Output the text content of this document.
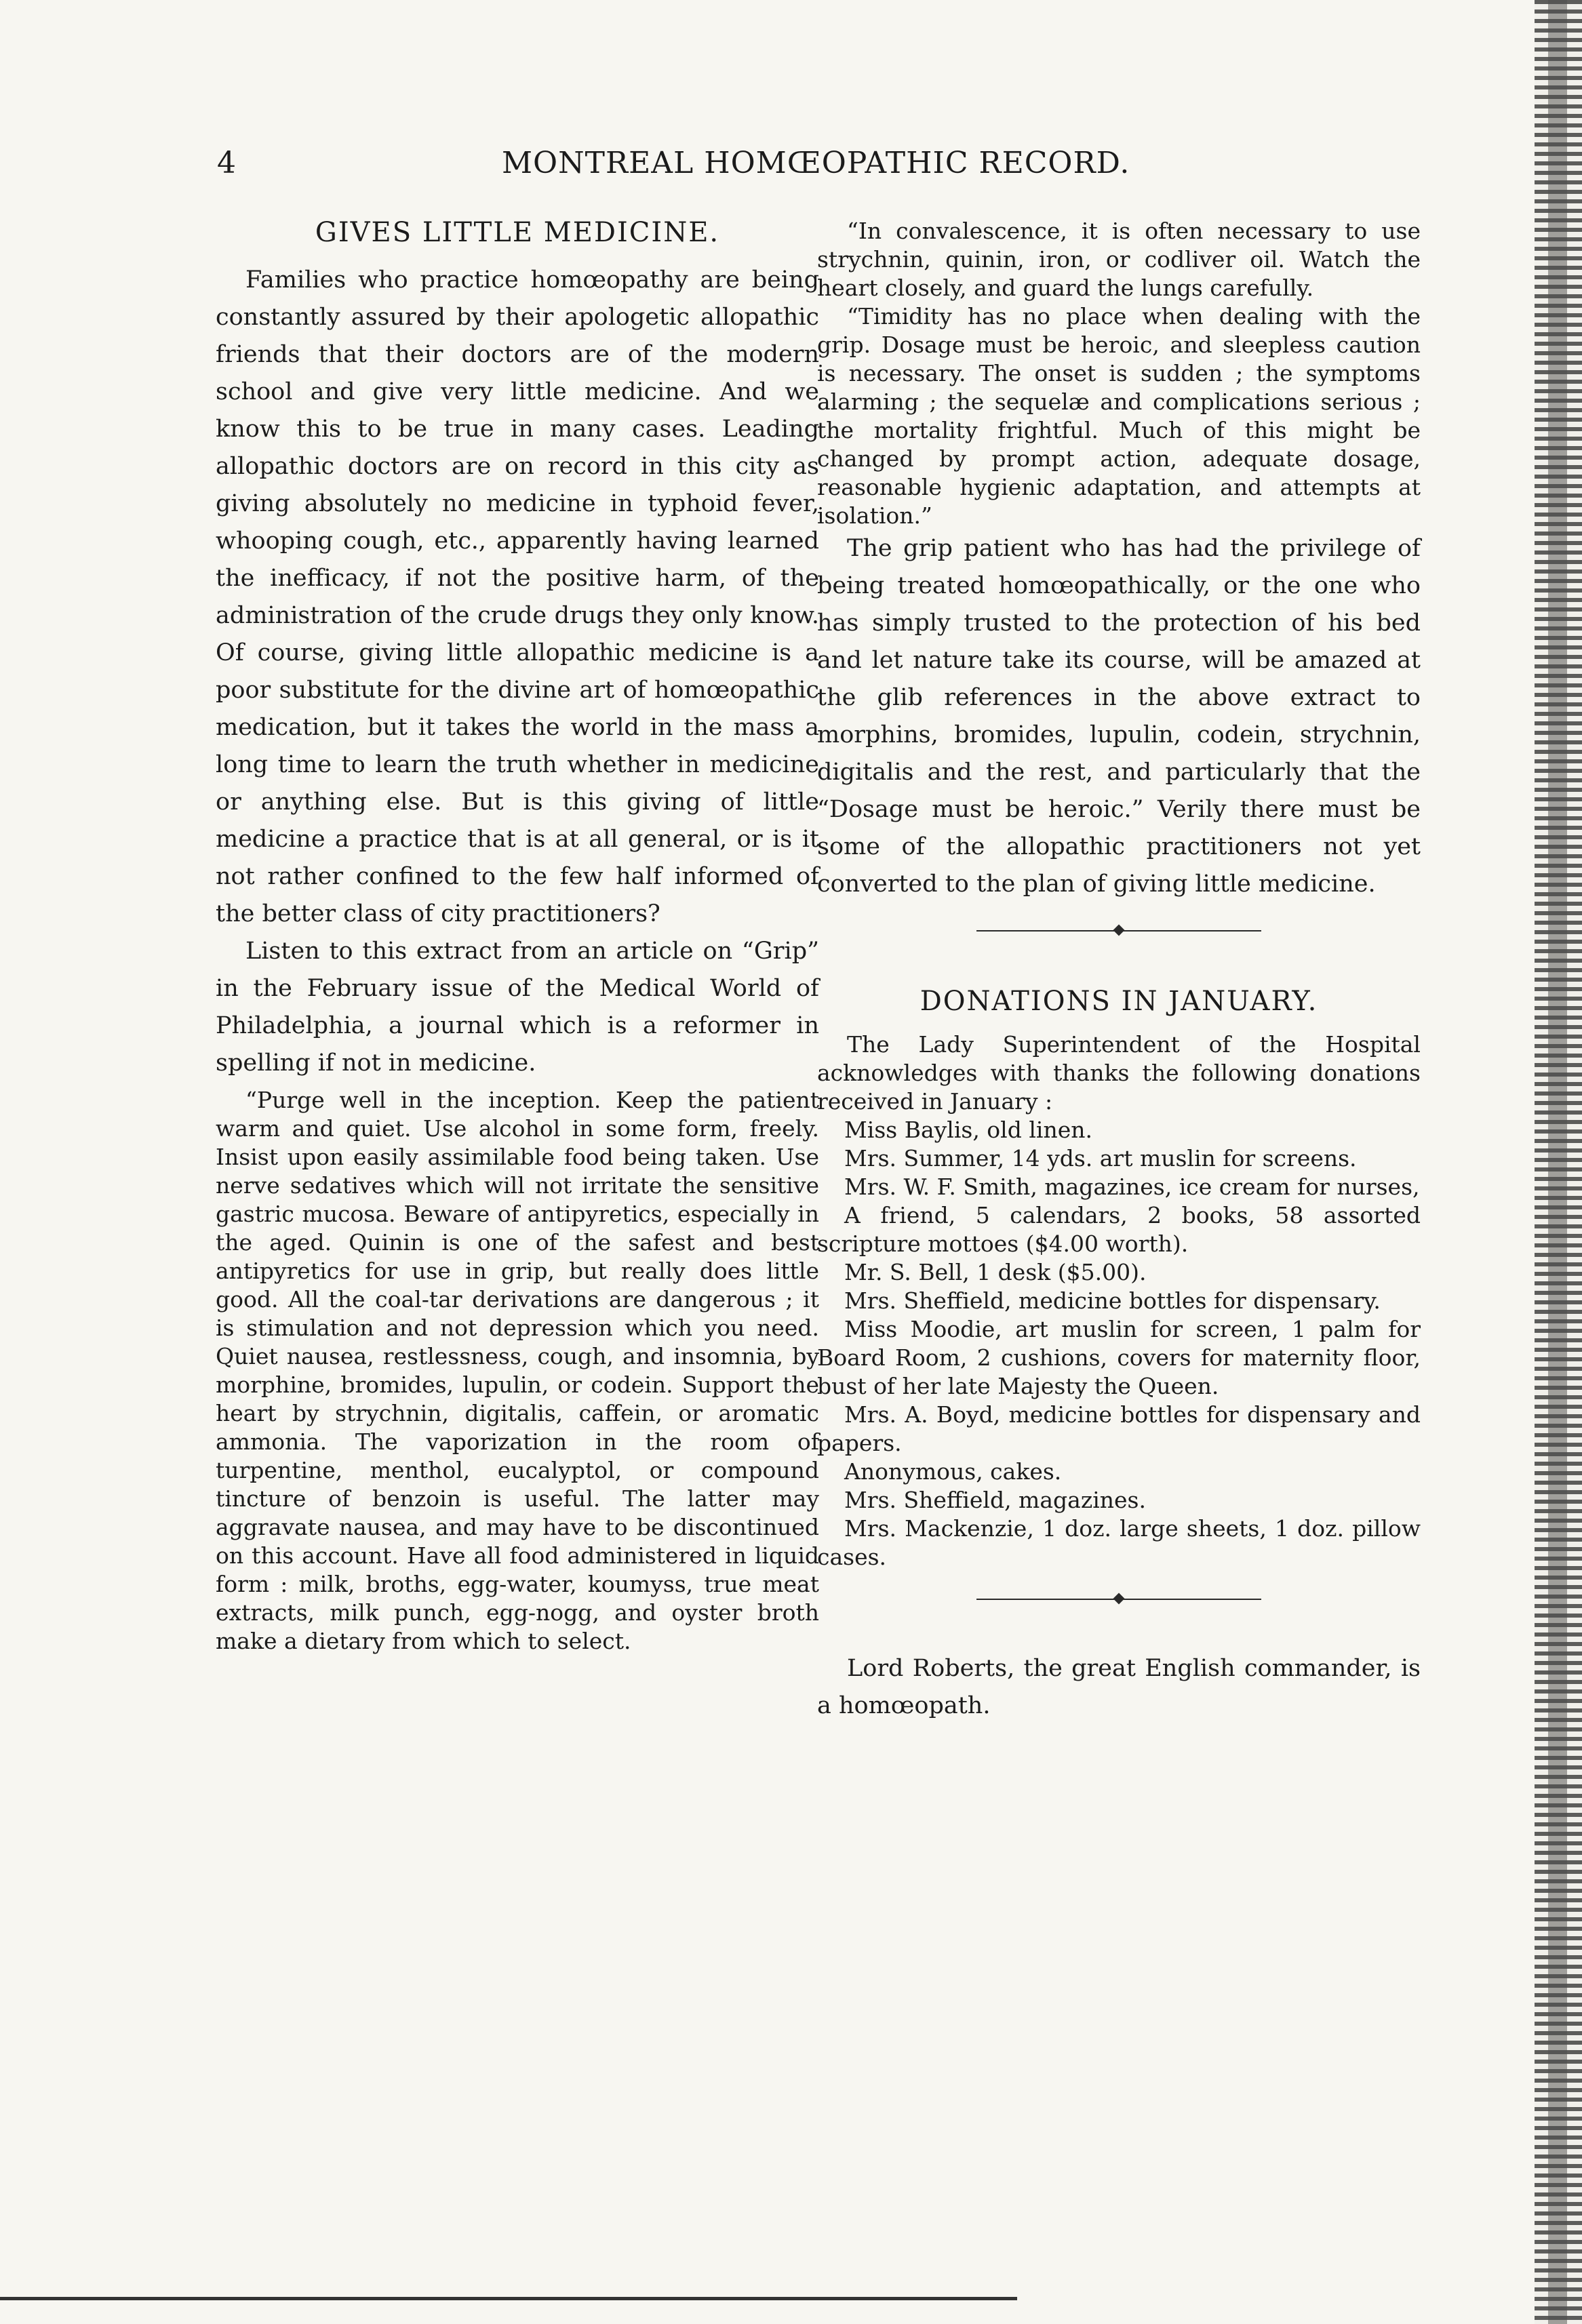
4	MONTREAL HOMŒOPATHIC RECORD.
GIVES LITTLE MEDICINE.

Families who practice homœopathy are being constantly assured by their apologetic allopathic friends that their doctors are of the modern school and give very little medicine. And we know this to be true in many cases. Leading allopathic doctors are on record in this city as giving absolutely no medicine in typhoid fever, whooping cough, etc., apparently having learned the inefficacy, if not the positive harm, of the administration of the crude drugs they only know. Of course, giving little allopathic medicine is a poor substitute for the divine art of homœopathic medication, but it takes the world in the mass a long time to learn the truth whether in medicine or anything else. But is this giving of little medicine a practice that is at all general, or is it not rather confined to the few half informed of the better class of city practitioners?

Listen to this extract from an article on “Grip” in the February issue of the Medical World of Philadelphia, a journal which is a reformer in spelling if not in medicine.

“Purge well in the inception. Keep the patient warm and quiet. Use alcohol in some form, freely. Insist upon easily assimilable food being taken. Use nerve sedatives which will not irritate the sensitive gastric mucosa. Beware of antipyretics, especially in the aged. Quinin is one of the safest and best antipyretics for use in grip, but really does little good. All the coal-tar derivations are dangerous ; it is stimulation and not depression which you need. Quiet nausea, restlessness, cough, and insomnia, by morphine, bromides, lupulin, or codein. Support the heart by strychnin, digitalis, caffein, or aromatic ammonia. The vaporization in the room of turpentine, menthol, eucalyptol, or compound tincture of benzoin is useful. The latter may aggravate nausea, and may have to be discontinued on this account. Have all food administered in liquid form : milk, broths, egg-water, koumyss, true meat extracts, milk punch, egg-nogg, and oyster broth make a dietary from which to select.

“In convalescence, it is often necessary to use strychnin, quinin, iron, or codliver oil. Watch the heart closely, and guard the lungs carefully.

“Timidity has no place when dealing with the grip. Dosage must be heroic, and sleepless caution is necessary. The onset is sudden ; the symptoms alarming ; the sequelæ and complications serious ; the mortality frightful. Much of this might be changed by prompt action, adequate dosage, reasonable hygienic adaptation, and attempts at isolation.”

The grip patient who has had the privilege of being treated homœopathically, or the one who has simply trusted to the protection of his bed and let nature take its course, will be amazed at the glib references in the above extract to morphins, bromides, lupulin, codein, strychnin, digitalis and the rest, and particularly that the “Dosage must be heroic.” Verily there must be some of the allopathic practitioners not yet converted to the plan of giving little medicine.

DONATIONS IN JANUARY.

The Lady Superintendent of the Hospital acknowledges with thanks the following donations received in January :

Miss Baylis, old linen.
Mrs. Summer, 14 yds. art muslin for screens.
Mrs. W. F. Smith, magazines, ice cream for nurses,
A friend, 5 calendars, 2 books, 58 assorted scripture mottoes ($4.00 worth).
Mr. S. Bell, 1 desk ($5.00).
Mrs. Sheffield, medicine bottles for dispensary.
Miss Moodie, art muslin for screen, 1 palm for Board Room, 2 cushions, covers for maternity floor, bust of her late Majesty the Queen.
Mrs. A. Boyd, medicine bottles for dispensary and papers.
Anonymous, cakes.
Mrs. Sheffield, magazines.
Mrs. Mackenzie, 1 doz. large sheets, 1 doz. pillow cases.

Lord Roberts, the great English commander, is a homœopath.
